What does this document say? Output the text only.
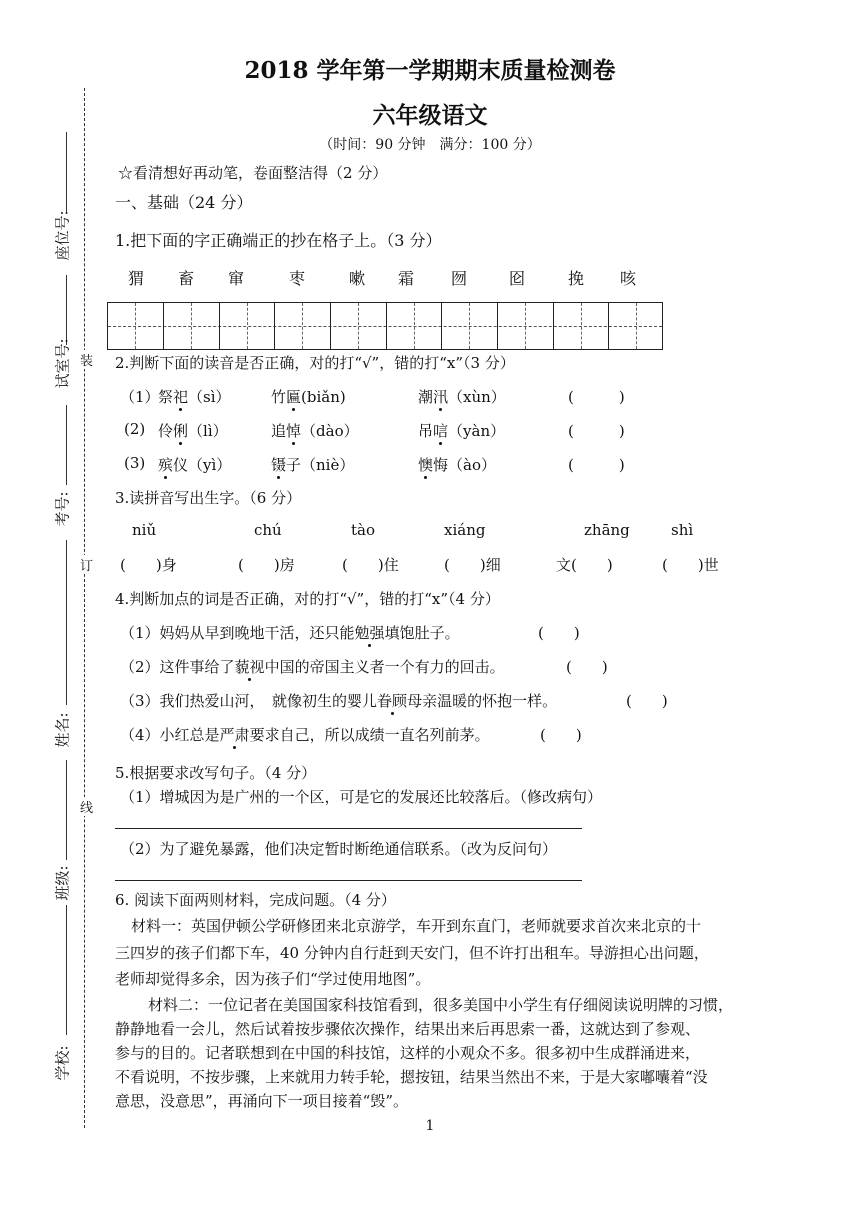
座位号:
试室号:
考号:
姓名:
班级:
学校:
装
订
线
2018 学年第一学期期末质量检测卷
六年级语文
（时间：90 分钟　满分：100 分）
☆看清想好再动笔，卷面整洁得（2 分）
一、基础（24 分）
1.把下面的字正确端正的抄在格子上。（3 分）
猬 畜 窜	枣	嗽 霜 囫	囵	挽 咳
2.判断下面的读音是否正确，对的打“√”，错的打“x”（3 分）
（1）
祭祀（sì）	竹匾(biǎn)	潮汛（xùn）	(　　　)
(2) 伶俐（lì）	追悼（dào）	吊唁（yàn）	(　　　)
(3) 殡仪（yì）	镊子（niè）	懊悔（ào）	(　　　)
3.读拼音写出生字。（6 分）
niǔ	chú	tào	xiáng	zhāng	shì
(　　)身	(　　)房	(　　)住	(　　)细	文(　　)	(　　)世
4.判断加点的词是否正确，对的打“√”，错的打“x”（4 分）
（1）妈妈从早到晚地干活，还只能勉强填饱肚子。	(　　)
（2）这件事给了藐视中国的帝国主义者一个有力的回击。	(　　)
（3）我们热爱山河，　就像初生的婴儿眷顾母亲温暖的怀抱一样。	(　　)
（4）小红总是严肃要求自己，所以成绩一直名列前茅。	(　　)
5.根据要求改写句子。（4 分）
（1）增城因为是广州的一个区，可是它的发展还比较落后。（修改病句）
（2）为了避免暴露，他们决定暂时断绝通信联系。（改为反问句）
6. 阅读下面两则材料，完成问题。（4 分）
材料一：英国伊顿公学研修团来北京游学，车开到东直门，老师就要求首次来北京的十
三四岁的孩子们都下车，40 分钟内自行赶到天安门，但不许打出租车。导游担心出问题，
老师却觉得多余，因为孩子们“学过使用地图”。
材料二：一位记者在美国国家科技馆看到，很多美国中小学生有仔细阅读说明牌的习惯，
静静地看一会儿，然后试着按步骤依次操作，结果出来后再思索一番，这就达到了参观、
参与的目的。记者联想到在中国的科技馆，这样的小观众不多。很多初中生成群涌进来，
不看说明，不按步骤，上来就用力转手轮，摁按钮，结果当然出不来，于是大家嘟囔着“没
意思，没意思”，再涌向下一项目接着“毁”。
1
